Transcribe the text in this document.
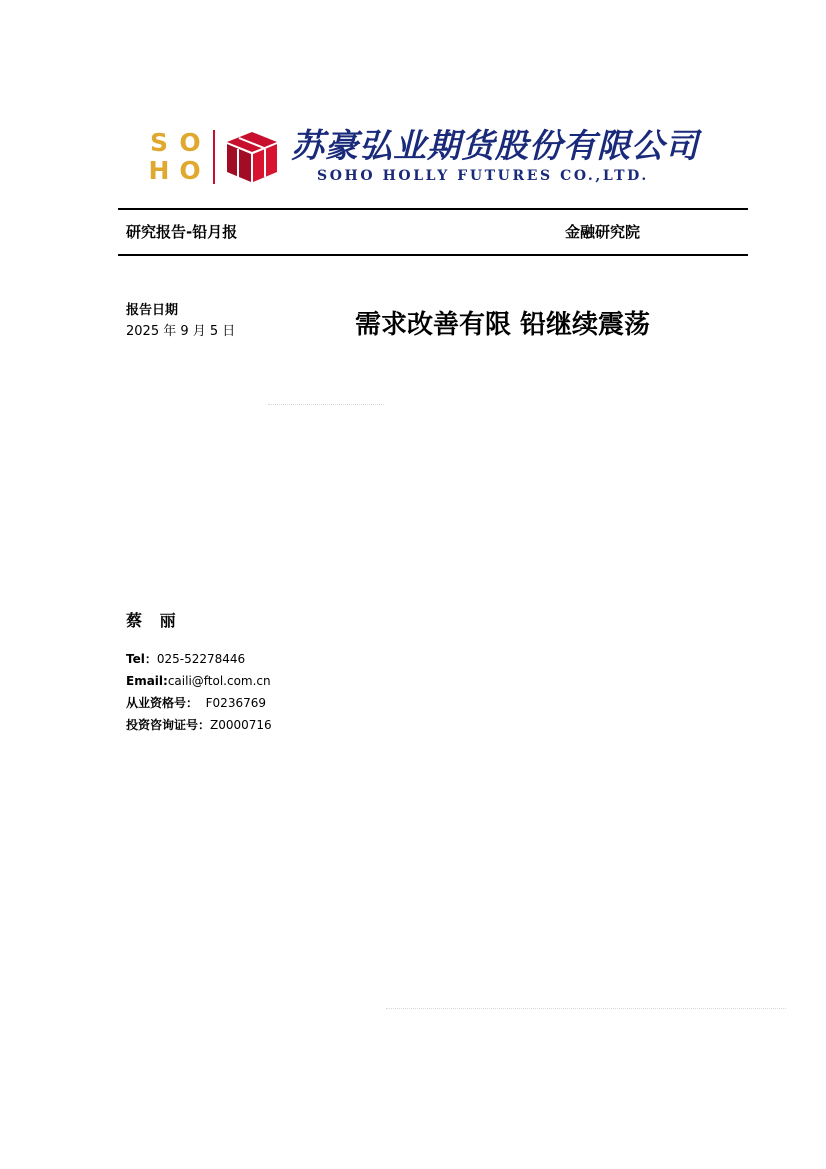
S O
H O
苏豪弘业期货股份有限公司
SOHO HOLLY FUTURES CO.,LTD.
研究报告-铅月报	金融研究院
报告日期
2025 年 9 月 5 日	需求改善有限 铅继续震荡
蔡 丽
Tel：025-52278446
Email:caili@ftol.com.cn
从业资格号：  F0236769
投资咨询证号：Z0000716
